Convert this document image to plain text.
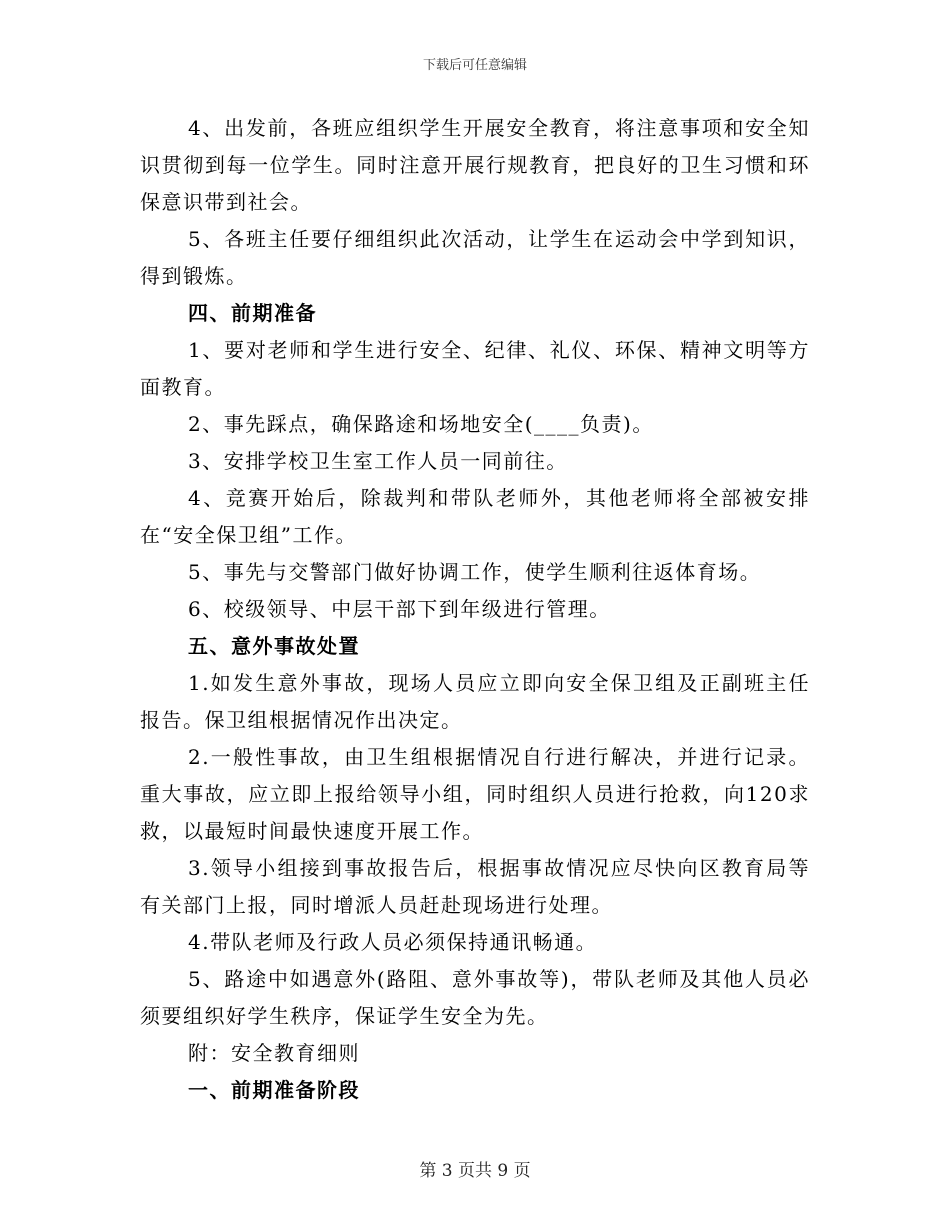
下载后可任意编辑

4、出发前，各班应组织学生开展安全教育，将注意事项和安全知识贯彻到每一位学生。同时注意开展行规教育，把良好的卫生习惯和环保意识带到社会。

5、各班主任要仔细组织此次活动，让学生在运动会中学到知识，得到锻炼。

四、前期准备

1、要对老师和学生进行安全、纪律、礼仪、环保、精神文明等方面教育。

2、事先踩点，确保路途和场地安全(____负责)。

3、安排学校卫生室工作人员一同前往。

4、竞赛开始后，除裁判和带队老师外，其他老师将全部被安排在“安全保卫组”工作。

5、事先与交警部门做好协调工作，使学生顺利往返体育场。

6、校级领导、中层干部下到年级进行管理。

五、意外事故处置

1.如发生意外事故，现场人员应立即向安全保卫组及正副班主任报告。保卫组根据情况作出决定。

2.一般性事故，由卫生组根据情况自行进行解决，并进行记录。重大事故，应立即上报给领导小组，同时组织人员进行抢救，向120求救，以最短时间最快速度开展工作。

3.领导小组接到事故报告后，根据事故情况应尽快向区教育局等有关部门上报，同时增派人员赶赴现场进行处理。

4.带队老师及行政人员必须保持通讯畅通。

5、路途中如遇意外(路阻、意外事故等)，带队老师及其他人员必须要组织好学生秩序，保证学生安全为先。

附：安全教育细则

一、前期准备阶段

第 3 页共 9 页
